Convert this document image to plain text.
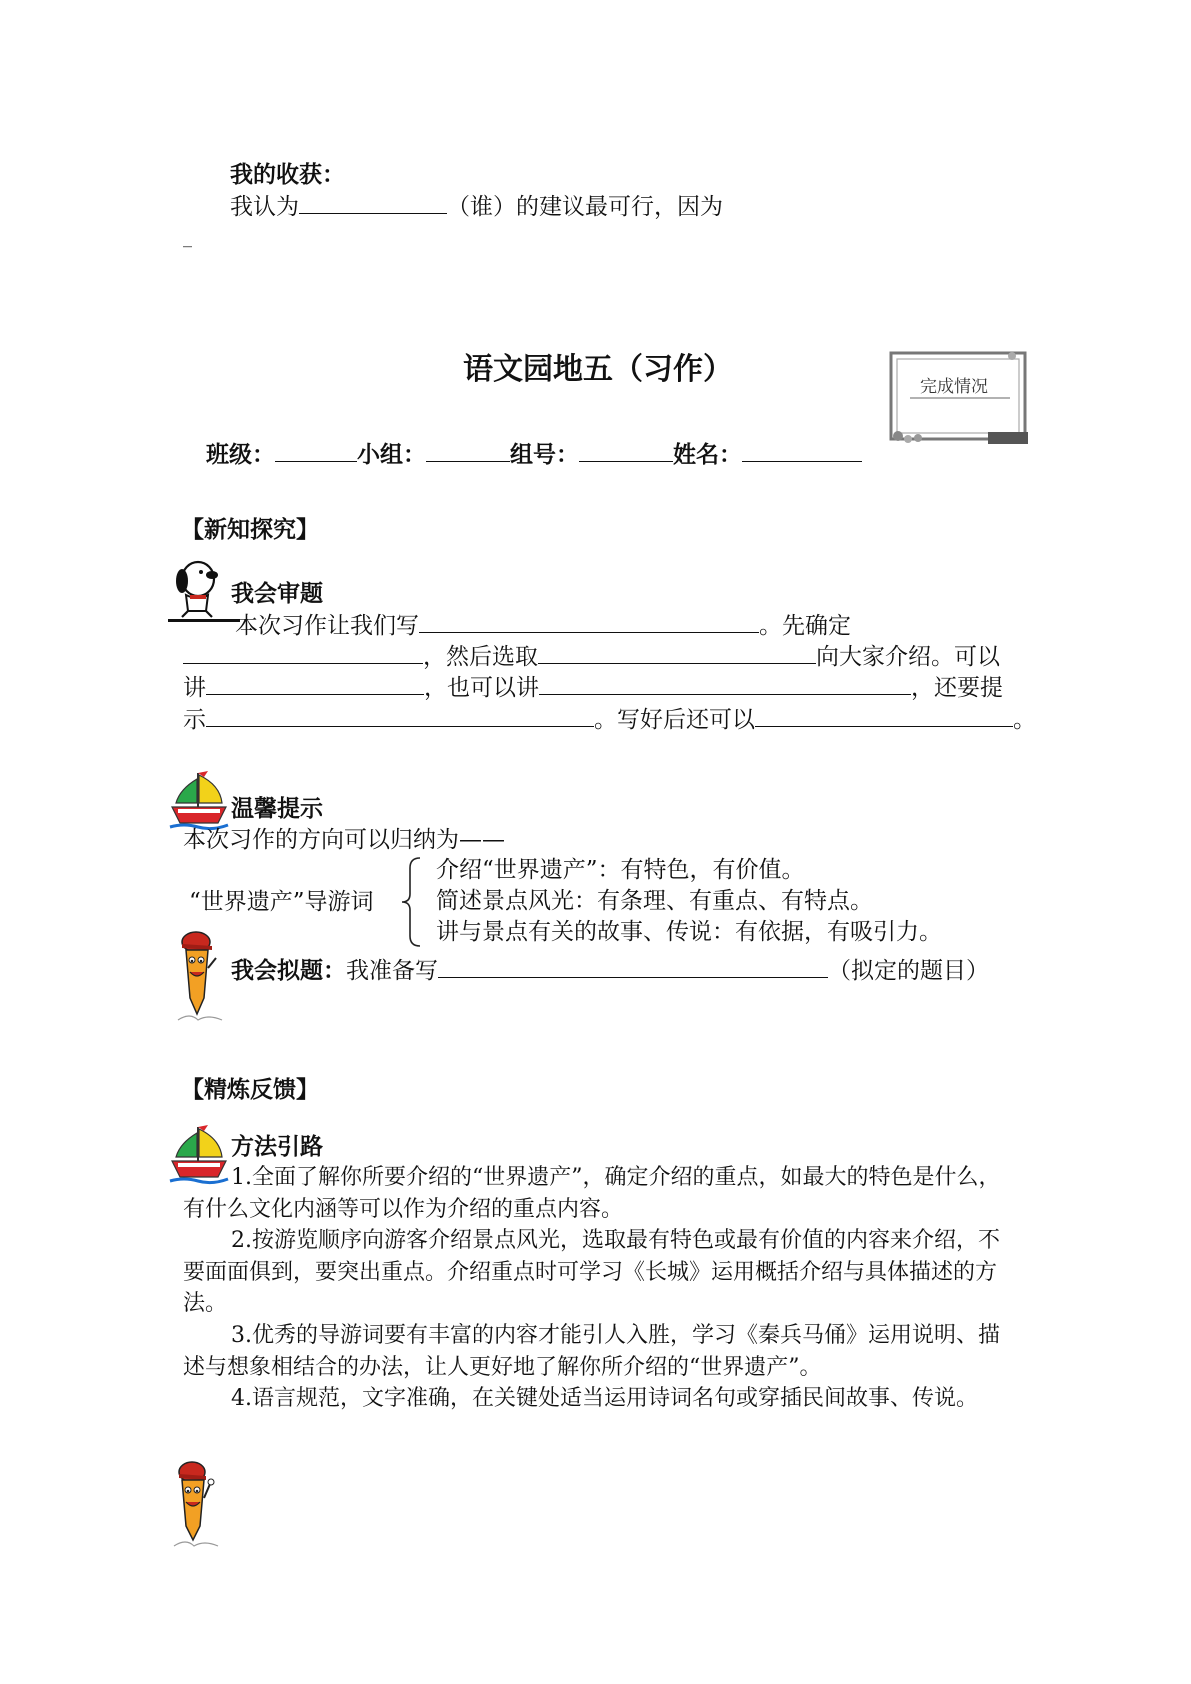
我的收获：
我认为	（谁）的建议最可行，因为
_
语文园地五（习作）	完成情况
班级：	小组：	组号：	姓名：
【新知探究】
我会审题
本次习作让我们写	。先确定
，然后选取	向大家介绍。可以
讲	，也可以讲	，还要提
示	。写好后还可以	。
温馨提示
本次习作的方向可以归纳为——
“世界遗产”导游词
介绍“世界遗产”：有特色，有价值。
简述景点风光：有条理、有重点、有特点。
讲与景点有关的故事、传说：有依据，有吸引力。
我会拟题：我准备写	（拟定的题目）
【精炼反馈】
方法引路
1.全面了解你所要介绍的“世界遗产”，确定介绍的重点，如最大的特色是什么，有什么文化内涵等可以作为介绍的重点内容。
2.按游览顺序向游客介绍景点风光，选取最有特色或最有价值的内容来介绍，不要面面俱到，要突出重点。介绍重点时可学习《长城》运用概括介绍与具体描述的方法。
3.优秀的导游词要有丰富的内容才能引人入胜，学习《秦兵马俑》运用说明、描述与想象相结合的办法，让人更好地了解你所介绍的“世界遗产”。
4.语言规范，文字准确，在关键处适当运用诗词名句或穿插民间故事、传说。
